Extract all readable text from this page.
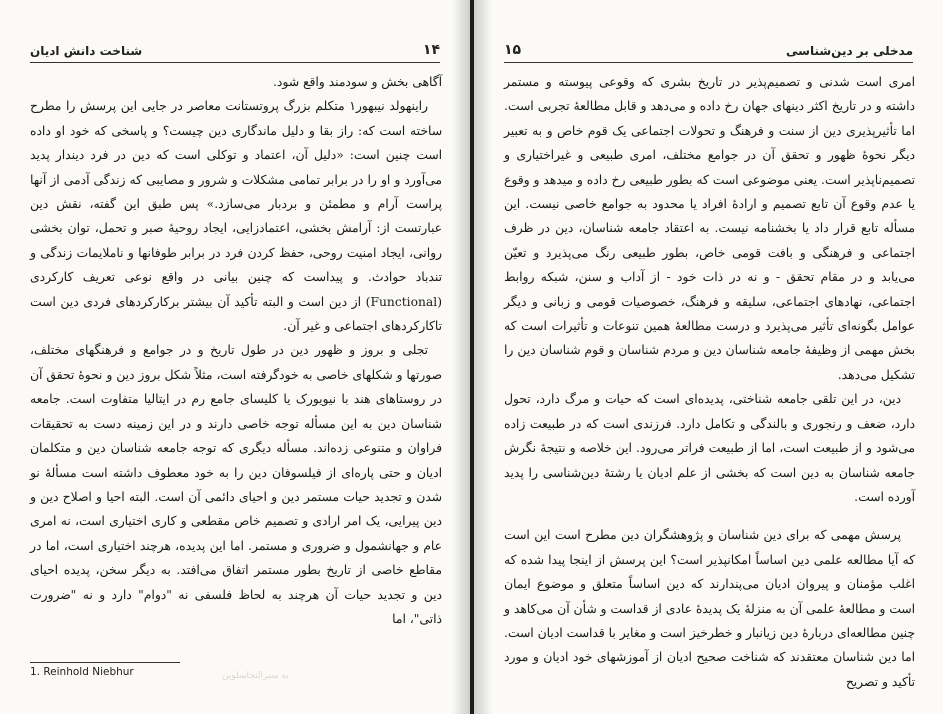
شناخت دانش ادیان	۱۴

آگاهی بخش و سودمند واقع شود.

راینهولد نیبهور۱ متکلم بزرگ پروتستانت معاصر در جایی این پرسش را مطرح ساخته است که: راز بقا و دلیل ماندگاری دین چیست؟ و پاسخی که خود او داده است چنین است: «دلیل آن، اعتماد و توکلی است که دین در فرد دیندار پدید می‌آورد و او را در برابر تمامی مشکلات و شرور و مصایبی که زندگی آدمی از آنها پراست آرام و مطمئن و بردبار می‌سازد.» پس طبق این گفته، نقش دین عبارتست از: آرامش بخشی، اعتمادزایی، ایجاد روحیهٔ صبر و تحمل، توان بخشی روانی، ایجاد امنیت روحی، حفظ کردن فرد در برابر طوفانها و ناملایمات زندگی و تندباد حوادث. و پیداست که چنین بیانی در واقع نوعی تعریف کارکردی (Functional) از دین است و البته تأکید آن بیشتر برکارکردهای فردی دین است تاکارکردهای اجتماعی و غیر آن.

تجلی و بروز و ظهور دین در طول تاریخ و در جوامع و فرهنگهای مختلف، صورتها و شکلهای خاصی به خودگرفته است، مثلاً شکل بروز دین و نحوهٔ تحقق آن در روستاهای هند با نیویورک یا کلیسای جامع رم در ایتالیا متفاوت است. جامعه شناسان دین به این مسأله توجه خاصی دارند و در این زمینه دست به تحقیقات فراوان و متنوعی زده‌اند. مسأله دیگری که توجه جامعه شناسان دین و متکلمان ادیان و حتی پاره‌ای از فیلسوفان دین را به خود معطوف داشته است مسألهٔ نو شدن و تجدید حیات مستمر دین و احیای دائمی آن است. البته احیا و اصلاح دین و دین پیرایی، یک امر ارادی و تصمیم خاص مقطعی و کاری اختیاری است، نه امری عام و جهانشمول و ضروری و مستمر. اما این پدیده، هرچند اختیاری است، اما در مقاطع خاصی از تاریخ بطور مستمر اتفاق می‌افتد. به دیگر سخن، پدیده احیای دین و تجدید حیات آن هرچند به لحاظ فلسفی نه "دوام" دارد و نه "ضرورت ذاتی"، اما

1. Reinhold Niebhur	به سیرالنجاسلوین
۱۵	مدخلی بر دین‌شناسی

امری است شدنی و تصمیم‌پذیر در تاریخ بشری که وقوعی پیوسته و مستمر داشته و در تاریخ اکثر دینهای جهان رخ داده و می‌دهد و قابل مطالعهٔ تجربی است. اما تأثیرپذیری دین از سنت و فرهنگ و تحولات اجتماعی یک قوم خاص و به تعبیر دیگر نحوهٔ ظهور و تحقق آن در جوامع مختلف، امری طبیعی و غیراختیاری و تصمیم‌ناپذیر است. یعنی موضوعی است که بطور طبیعی رخ داده و میدهد و وقوع یا عدم وقوع آن تابع تصمیم و ارادهٔ افراد یا محدود به جوامع خاصی نیست. این مسأله تابع قرار داد یا بخشنامه نیست. به اعتقاد جامعه شناسان، دین در ظرف اجتماعی و فرهنگی و بافت قومی خاص، بطور طبیعی رنگ می‌پذیرد و تعیّن می‌یابد و در مقام تحقق - و نه در ذات خود - از آداب و سنن، شبکه روابط اجتماعی، نهادهای اجتماعی، سلیقه و فرهنگ، خصوصیات قومی و زبانی و دیگر عوامل بگونه‌ای تأثیر می‌پذیرد و درست مطالعهٔ همین تنوعات و تأثیرات است که بخش مهمی از وظیفهٔ جامعه شناسان دین و مردم شناسان و قوم شناسان دین را تشکیل می‌دهد.

دین، در این تلقی جامعه شناختی، پدیده‌ای است که حیات و مرگ دارد، تحول دارد، ضعف و رنجوری و بالندگی و تکامل دارد. فرزندی است که در طبیعت زاده می‌شود و از طبیعت است، اما از طبیعت فراتر می‌رود. این خلاصه و نتیجهٔ نگرش جامعه شناسان به دین است که بخشی از علم ادیان یا رشتهٔ دین‌شناسی را پدید آورده است.

پرسش مهمی که برای دین شناسان و پژوهشگران دین مطرح است این است که آیا مطالعه علمی دین اساساً امکانپذیر است؟ این پرسش از اینجا پیدا شده که اغلب مؤمنان و پیروان ادیان می‌پندارند که دین اساساً متعلق و موضوع ایمان است و مطالعهٔ علمی آن به منزلهٔ یک پدیدهٔ عادی از قداست و شأن آن می‌کاهد و چنین مطالعه‌ای دربارهٔ دین زیانبار و خطرخیز است و مغایر با قداست ادیان است. اما دین شناسان معتقدند که شناخت صحیح ادیان از آموزشهای خود ادیان و مورد تأکید و تصریح
